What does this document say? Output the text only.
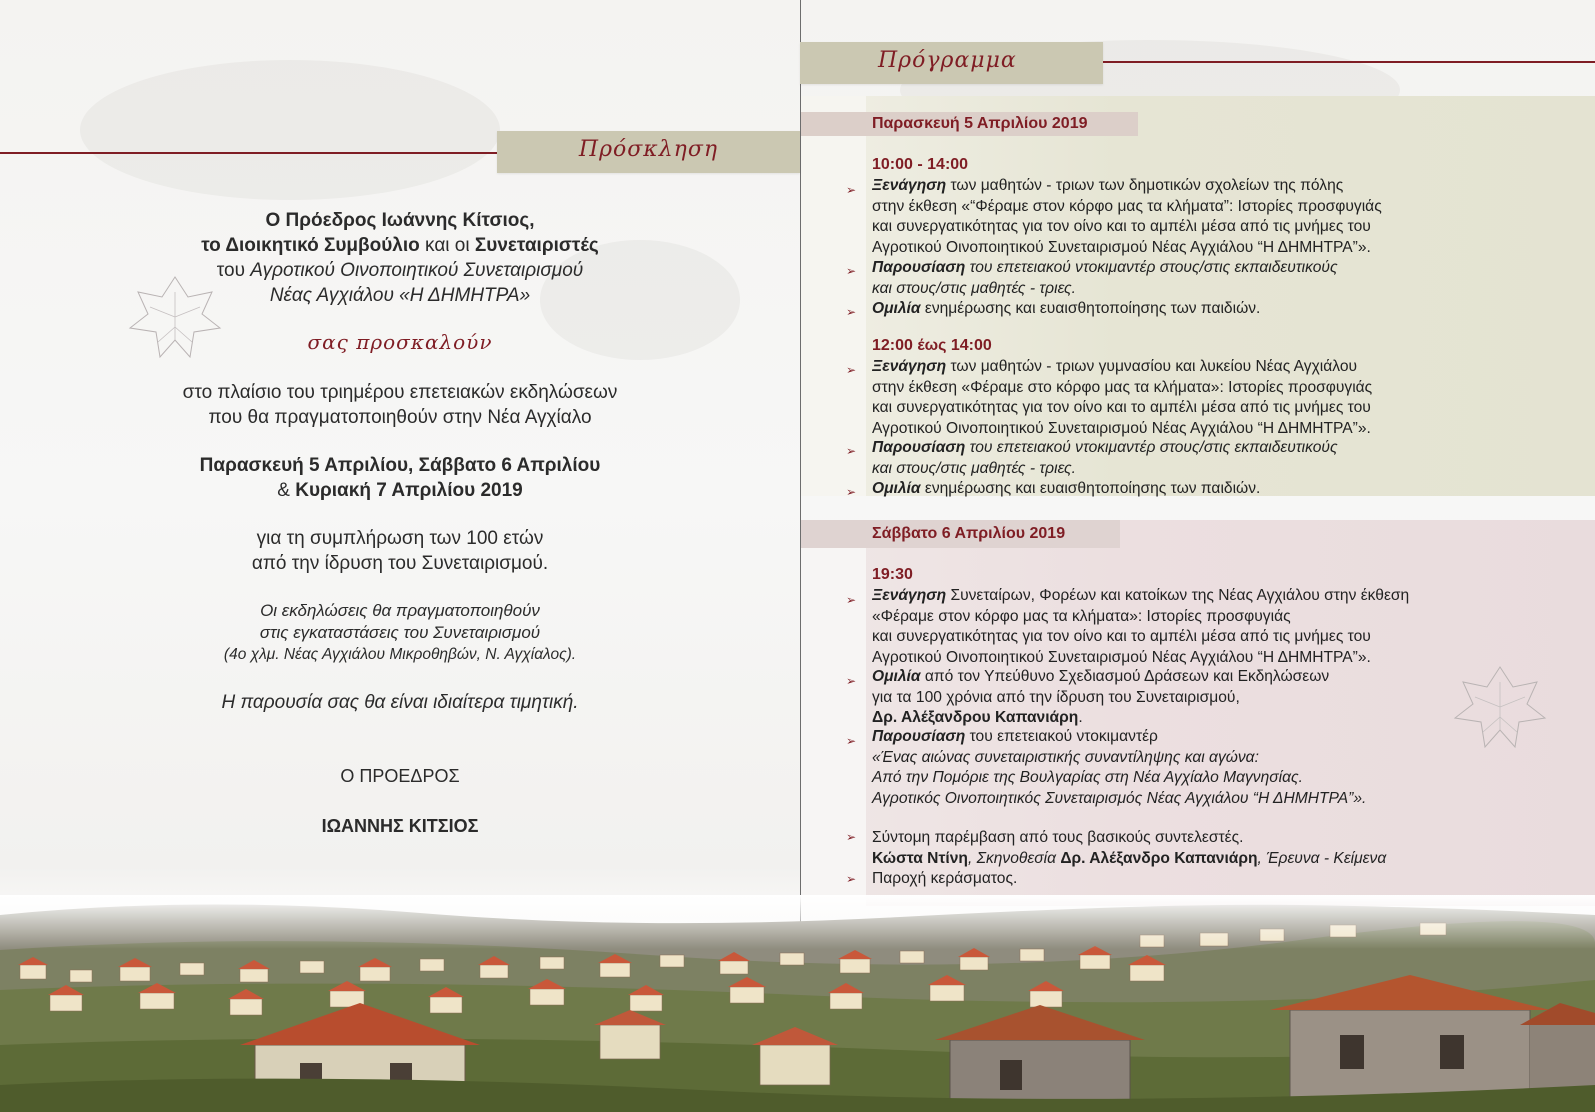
Πρόσκληση
Ο Πρόεδρος Ιωάννης Κίτσιος,
το Διοικητικό Συμβούλιο και οι Συνεταιριστές
του Αγροτικού Οινοποιητικού Συνεταιρισμού
Νέας Αγχιάλου «Η ΔΗΜΗΤΡΑ»
σας προσκαλούν
στο πλαίσιο του τριημέρου επετειακών εκδηλώσεων
που θα πραγματοποιηθούν στην Νέα Αγχίαλο
Παρασκευή 5 Απριλίου, Σάββατο 6 Απριλίου
& Κυριακή 7 Απριλίου 2019
για τη συμπλήρωση των 100 ετών
από την ίδρυση του Συνεταιρισμού.
Οι εκδηλώσεις θα πραγματοποιηθούν
στις εγκαταστάσεις του Συνεταιρισμού
(4ο χλμ. Νέας Αγχιάλου Μικροθηβών, Ν. Αγχίαλος).
Η παρουσία σας θα είναι ιδιαίτερα τιμητική.
Ο ΠΡΟΕΔΡΟΣ
ΙΩΑΝΝΗΣ ΚΙΤΣΙΟΣ
Πρόγραμμα
Παρασκευή 5 Απριλίου 2019
10:00 - 14:00
➢ Ξενάγηση των μαθητών - τριων των δημοτικών σχολείων της πόλης
στην έκθεση «“Φέραμε στον κόρφο μας τα κλήματα”: Ιστορίες προσφυγιάς
και συνεργατικότητας για τον οίνο και το αμπέλι μέσα από τις μνήμες του
Αγροτικού Οινοποιητικού Συνεταιρισμού Νέας Αγχιάλου “Η ΔΗΜΗΤΡΑ”».
➢ Παρουσίαση του επετειακού ντοκιμαντέρ στους/στις εκπαιδευτικούς
και στους/στις μαθητές - τριες.
➢ Ομιλία ενημέρωσης και ευαισθητοποίησης των παιδιών.
12:00 έως 14:00
➢ Ξενάγηση των μαθητών - τριων γυμνασίου και λυκείου Νέας Αγχιάλου
στην έκθεση «Φέραμε στο κόρφο μας τα κλήματα»: Ιστορίες προσφυγιάς
και συνεργατικότητας για τον οίνο και το αμπέλι μέσα από τις μνήμες του
Αγροτικού Οινοποιητικού Συνεταιρισμού Νέας Αγχιάλου “Η ΔΗΜΗΤΡΑ”».
➢ Παρουσίαση του επετειακού ντοκιμαντέρ στους/στις εκπαιδευτικούς
και στους/στις μαθητές - τριες.
➢ Ομιλία ενημέρωσης και ευαισθητοποίησης των παιδιών.
Σάββατο 6 Απριλίου 2019
19:30
➢ Ξενάγηση Συνεταίρων, Φορέων και κατοίκων της Νέας Αγχιάλου στην έκθεση
«Φέραμε στον κόρφο μας τα κλήματα»: Ιστορίες προσφυγιάς
και συνεργατικότητας για τον οίνο και το αμπέλι μέσα από τις μνήμες του
Αγροτικού Οινοποιητικού Συνεταιρισμού Νέας Αγχιάλου “Η ΔΗΜΗΤΡΑ”».
➢ Ομιλία από τον Υπεύθυνο Σχεδιασμού Δράσεων και Εκδηλώσεων
για τα 100 χρόνια από την ίδρυση του Συνεταιρισμού,
Δρ. Αλέξανδρου Καπανιάρη.
➢ Παρουσίαση του επετειακού ντοκιμαντέρ
«Ένας αιώνας συνεταιριστικής συναντίληψης και αγώνα:
Από την Πομόριε της Βουλγαρίας στη Νέα Αγχίαλο Μαγνησίας.
Αγροτικός Οινοποιητικός Συνεταιρισμός Νέας Αγχιάλου “Η ΔΗΜΗΤΡΑ”».
➢ Σύντομη παρέμβαση από τους βασικούς συντελεστές.
Κώστα Ντίνη, Σκηνοθεσία Δρ. Αλέξανδρο Καπανιάρη, Έρευνα - Κείμενα
➢ Παροχή κεράσματος.
